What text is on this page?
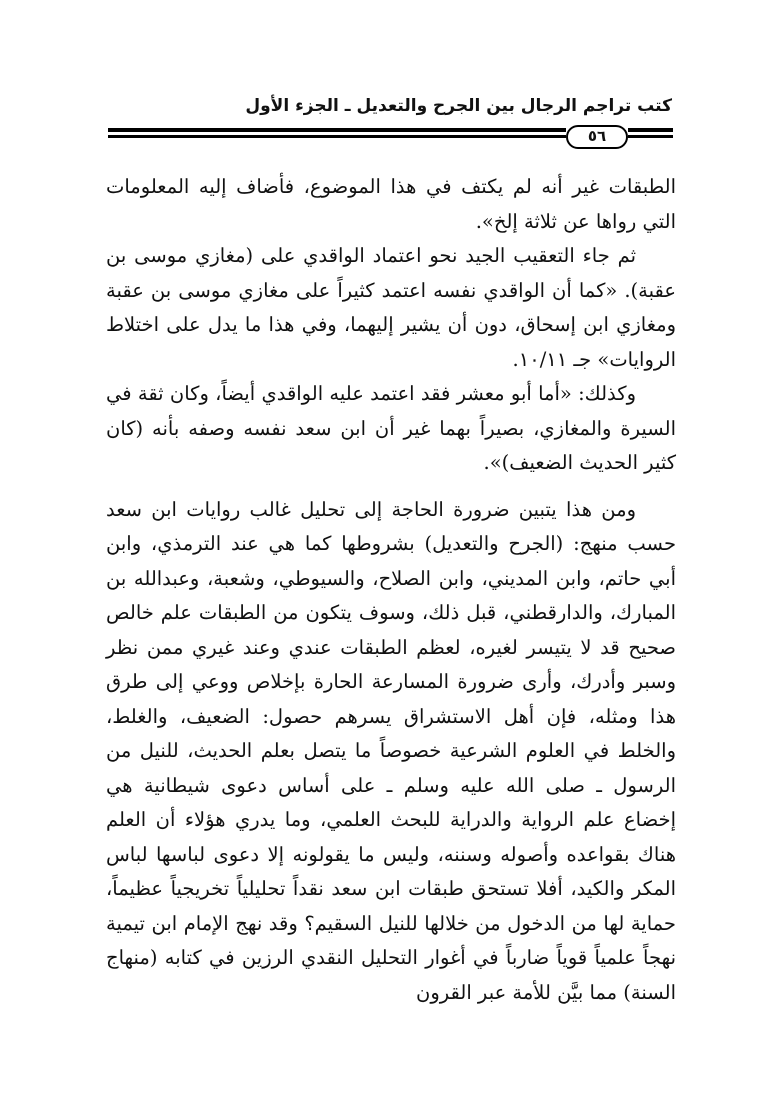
كتب تراجم الرجال بين الجرح والتعديل ـ الجزء الأول
٥٦

الطبقات غير أنه لم يكتف في هذا الموضوع، فأضاف إليه المعلومات التي رواها عن ثلاثة إلخ».

ثم جاء التعقيب الجيد نحو اعتماد الواقدي على (مغازي موسى بن عقبة). «كما أن الواقدي نفسه اعتمد كثيراً على مغازي موسى بن عقبة ومغازي ابن إسحاق، دون أن يشير إليهما، وفي هذا ما يدل على اختلاط الروايات» جـ ١٠/١١.

وكذلك: «أما أبو معشر فقد اعتمد عليه الواقدي أيضاً، وكان ثقة في السيرة والمغازي، بصيراً بهما غير أن ابن سعد نفسه وصفه بأنه (كان كثير الحديث الضعيف)».

ومن هذا يتبين ضرورة الحاجة إلى تحليل غالب روايات ابن سعد حسب منهج: (الجرح والتعديل) بشروطها كما هي عند الترمذي، وابن أبي حاتم، وابن المديني، وابن الصلاح، والسيوطي، وشعبة، وعبدالله بن المبارك، والدارقطني، قبل ذلك، وسوف يتكون من الطبقات علم خالص صحيح قد لا يتيسر لغيره، لعظم الطبقات عندي وعند غيري ممن نظر وسبر وأدرك، وأرى ضرورة المسارعة الحارة بإخلاص ووعي إلى طرق هذا ومثله، فإن أهل الاستشراق يسرهم حصول: الضعيف، والغلط، والخلط في العلوم الشرعية خصوصاً ما يتصل بعلم الحديث، للنيل من الرسول ـ صلى الله عليه وسلم ـ على أساس دعوى شيطانية هي إخضاع علم الرواية والدراية للبحث العلمي، وما يدري هؤلاء أن العلم هناك بقواعده وأصوله وسننه، وليس ما يقولونه إلا دعوى لباسها لباس المكر والكيد، أفلا تستحق طبقات ابن سعد نقداً تحليلياً تخريجياً عظيماً، حماية لها من الدخول من خلالها للنيل السقيم؟ وقد نهج الإمام ابن تيمية نهجاً علمياً قوياً ضارباً في أغوار التحليل النقدي الرزين في كتابه (منهاج السنة) مما بيَّن للأمة عبر القرون
